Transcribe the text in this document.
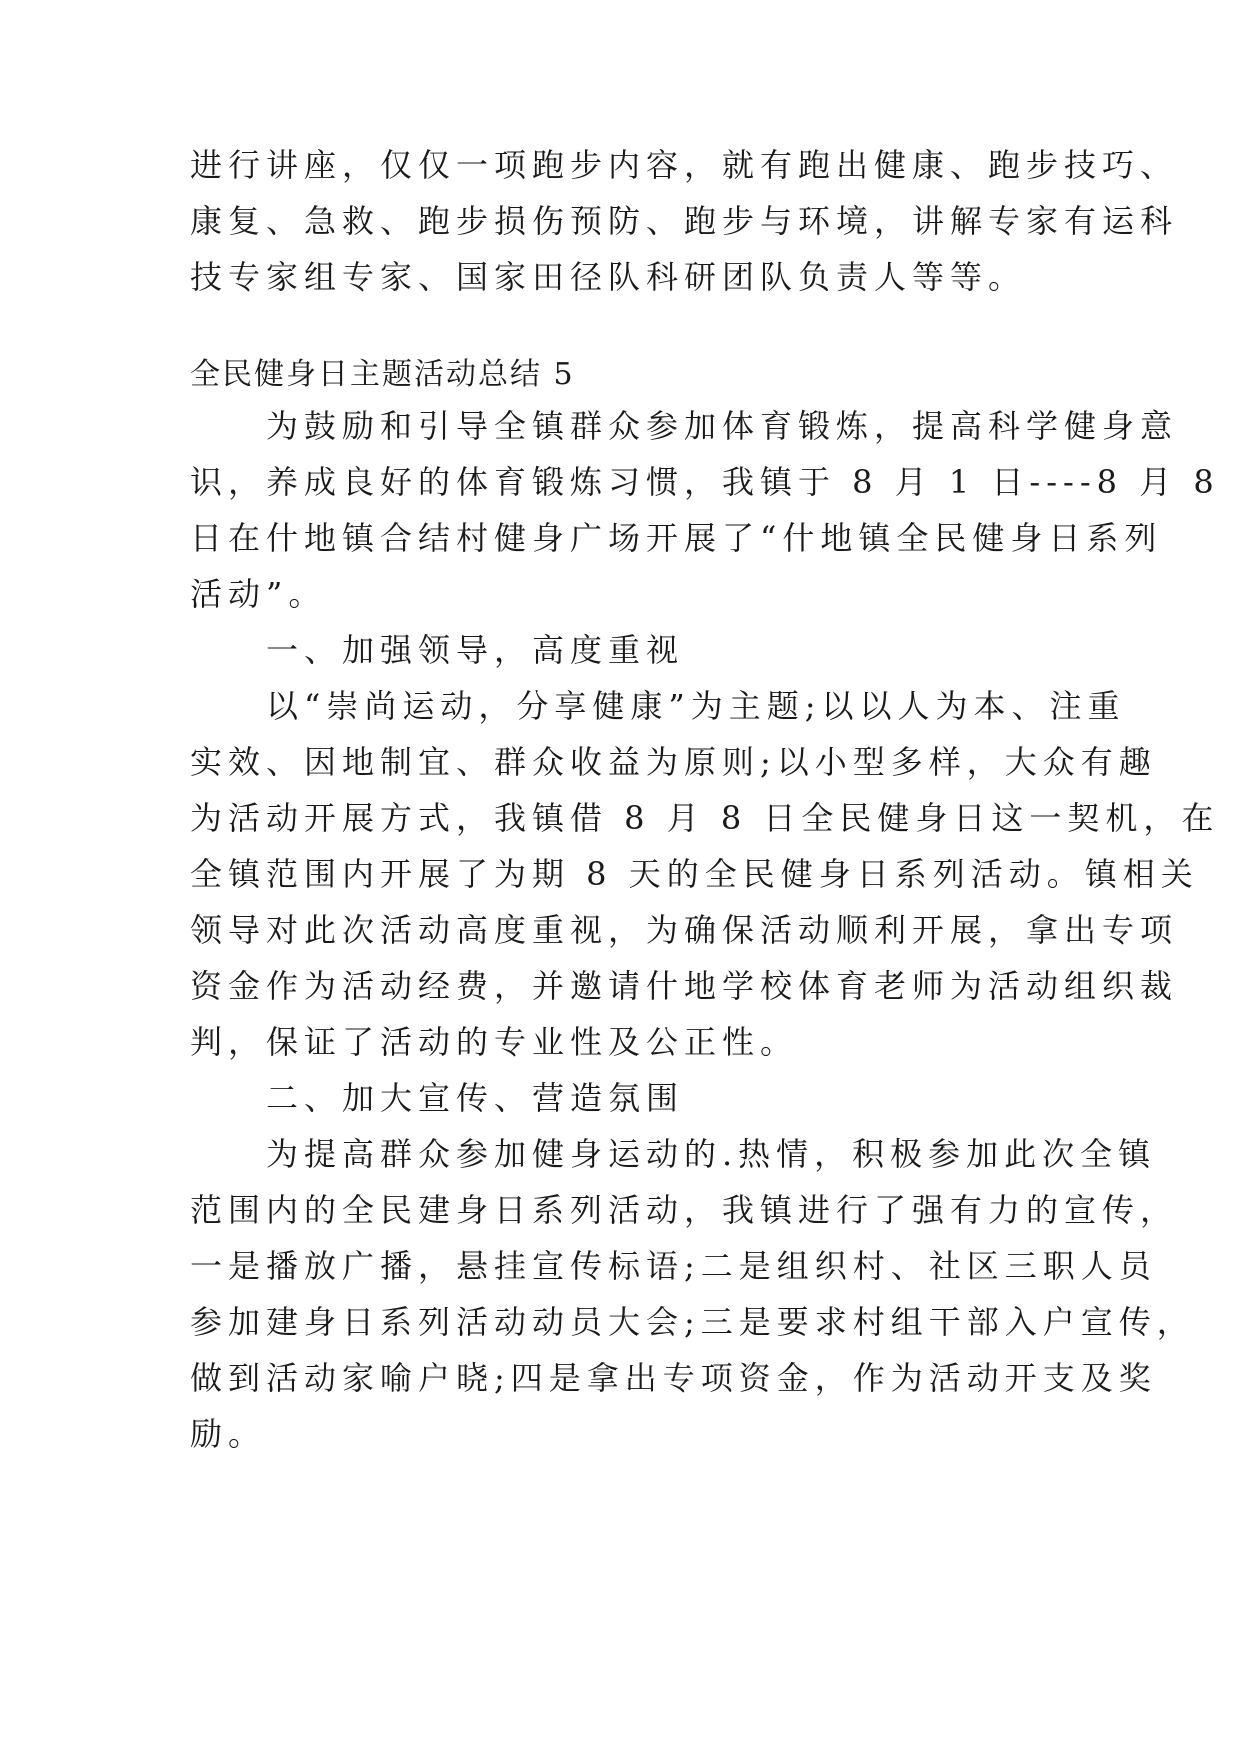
进行讲座，仅仅一项跑步内容，就有跑出健康、跑步技巧、
康复、急救、跑步损伤预防、跑步与环境，讲解专家有运科
技专家组专家、国家田径队科研团队负责人等等。
全民健身日主题活动总结 5
　　为鼓励和引导全镇群众参加体育锻炼，提高科学健身意
识，养成良好的体育锻炼习惯，我镇于 8 月 1 日----8 月 8
日在什地镇合结村健身广场开展了“什地镇全民健身日系列
活动”。
　　一、加强领导，高度重视
　　以“崇尚运动，分享健康”为主题;以以人为本、注重
实效、因地制宜、群众收益为原则;以小型多样，大众有趣
为活动开展方式，我镇借 8 月 8 日全民健身日这一契机，在
全镇范围内开展了为期 8 天的全民健身日系列活动。镇相关
领导对此次活动高度重视，为确保活动顺利开展，拿出专项
资金作为活动经费，并邀请什地学校体育老师为活动组织裁
判，保证了活动的专业性及公正性。
　　二、加大宣传、营造氛围
　　为提高群众参加健身运动的.热情，积极参加此次全镇
范围内的全民建身日系列活动，我镇进行了强有力的宣传，
一是播放广播，悬挂宣传标语;二是组织村、社区三职人员
参加建身日系列活动动员大会;三是要求村组干部入户宣传，
做到活动家喻户晓;四是拿出专项资金，作为活动开支及奖
励。
